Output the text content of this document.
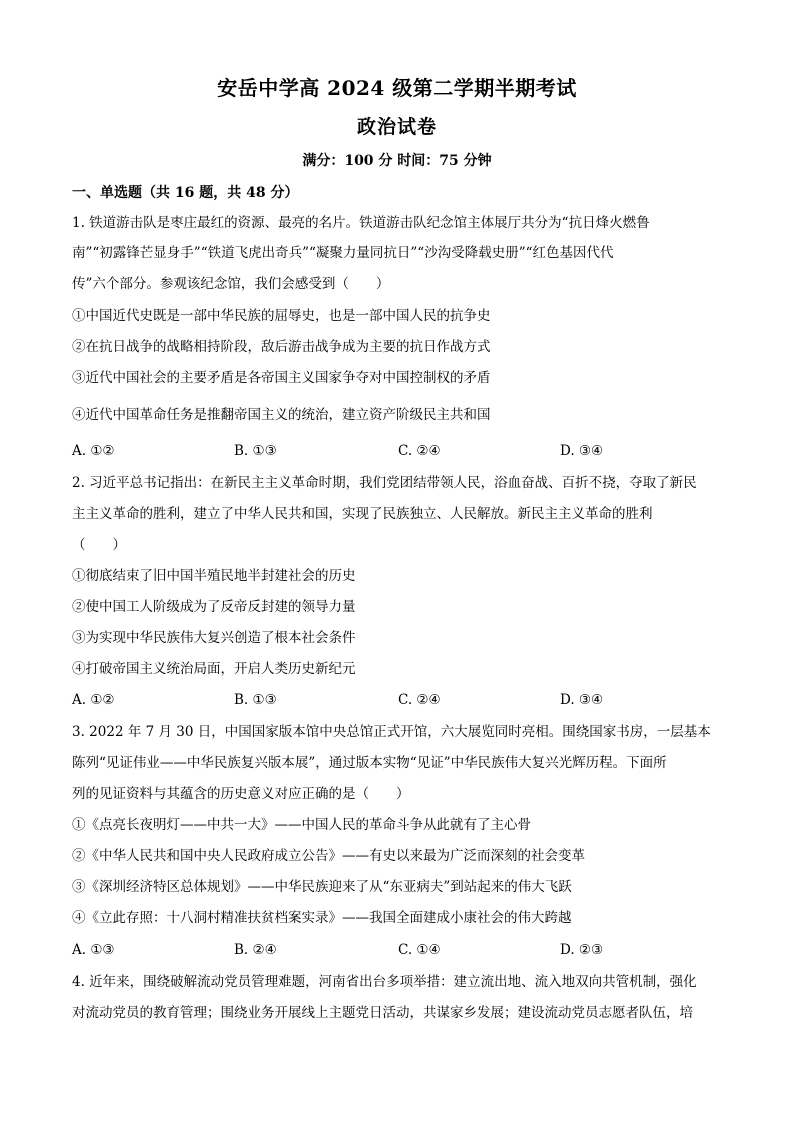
安岳中学高 2024 级第二学期半期考试
政治试卷
满分：100 分 时间：75 分钟
一、单选题（共 16 题，共 48 分）
1. 铁道游击队是枣庄最红的资源、最亮的名片。铁道游击队纪念馆主体展厅共分为“抗日烽火燃鲁
南”“初露锋芒显身手”“铁道飞虎出奇兵”“凝聚力量同抗日”“沙沟受降载史册”“红色基因代代
传”六个部分。参观该纪念馆，我们会感受到（　　）
①中国近代史既是一部中华民族的屈辱史，也是一部中国人民的抗争史
②在抗日战争的战略相持阶段，敌后游击战争成为主要的抗日作战方式
③近代中国社会的主要矛盾是各帝国主义国家争夺对中国控制权的矛盾
④近代中国革命任务是推翻帝国主义的统治，建立资产阶级民主共和国
A. ①②	B. ①③	C. ②④	D. ③④
2. 习近平总书记指出：在新民主主义革命时期，我们党团结带领人民，浴血奋战、百折不挠，夺取了新民
主主义革命的胜利，建立了中华人民共和国，实现了民族独立、人民解放。新民主主义革命的胜利
（　　）
①彻底结束了旧中国半殖民地半封建社会的历史
②使中国工人阶级成为了反帝反封建的领导力量
③为实现中华民族伟大复兴创造了根本社会条件
④打破帝国主义统治局面，开启人类历史新纪元
A. ①②	B. ①③	C. ②④	D. ③④
3. 2022 年 7 月 30 日，中国国家版本馆中央总馆正式开馆，六大展览同时亮相。围绕国家书房，一层基本
陈列“见证伟业——中华民族复兴版本展”，通过版本实物“见证”中华民族伟大复兴光辉历程。下面所
列的见证资料与其蕴含的历史意义对应正确的是（　　）
①《点亮长夜明灯——中共一大》——中国人民的革命斗争从此就有了主心骨
②《中华人民共和国中央人民政府成立公告》——有史以来最为广泛而深刻的社会变革
③《深圳经济特区总体规划》——中华民族迎来了从“东亚病夫”到站起来的伟大飞跃
④《立此存照：十八洞村精准扶贫档案实录》——我国全面建成小康社会的伟大跨越
A. ①③	B. ②④	C. ①④	D. ②③
4. 近年来，围绕破解流动党员管理难题，河南省出台多项举措：建立流出地、流入地双向共管机制，强化
对流动党员的教育管理；围绕业务开展线上主题党日活动，共谋家乡发展；建设流动党员志愿者队伍，培
